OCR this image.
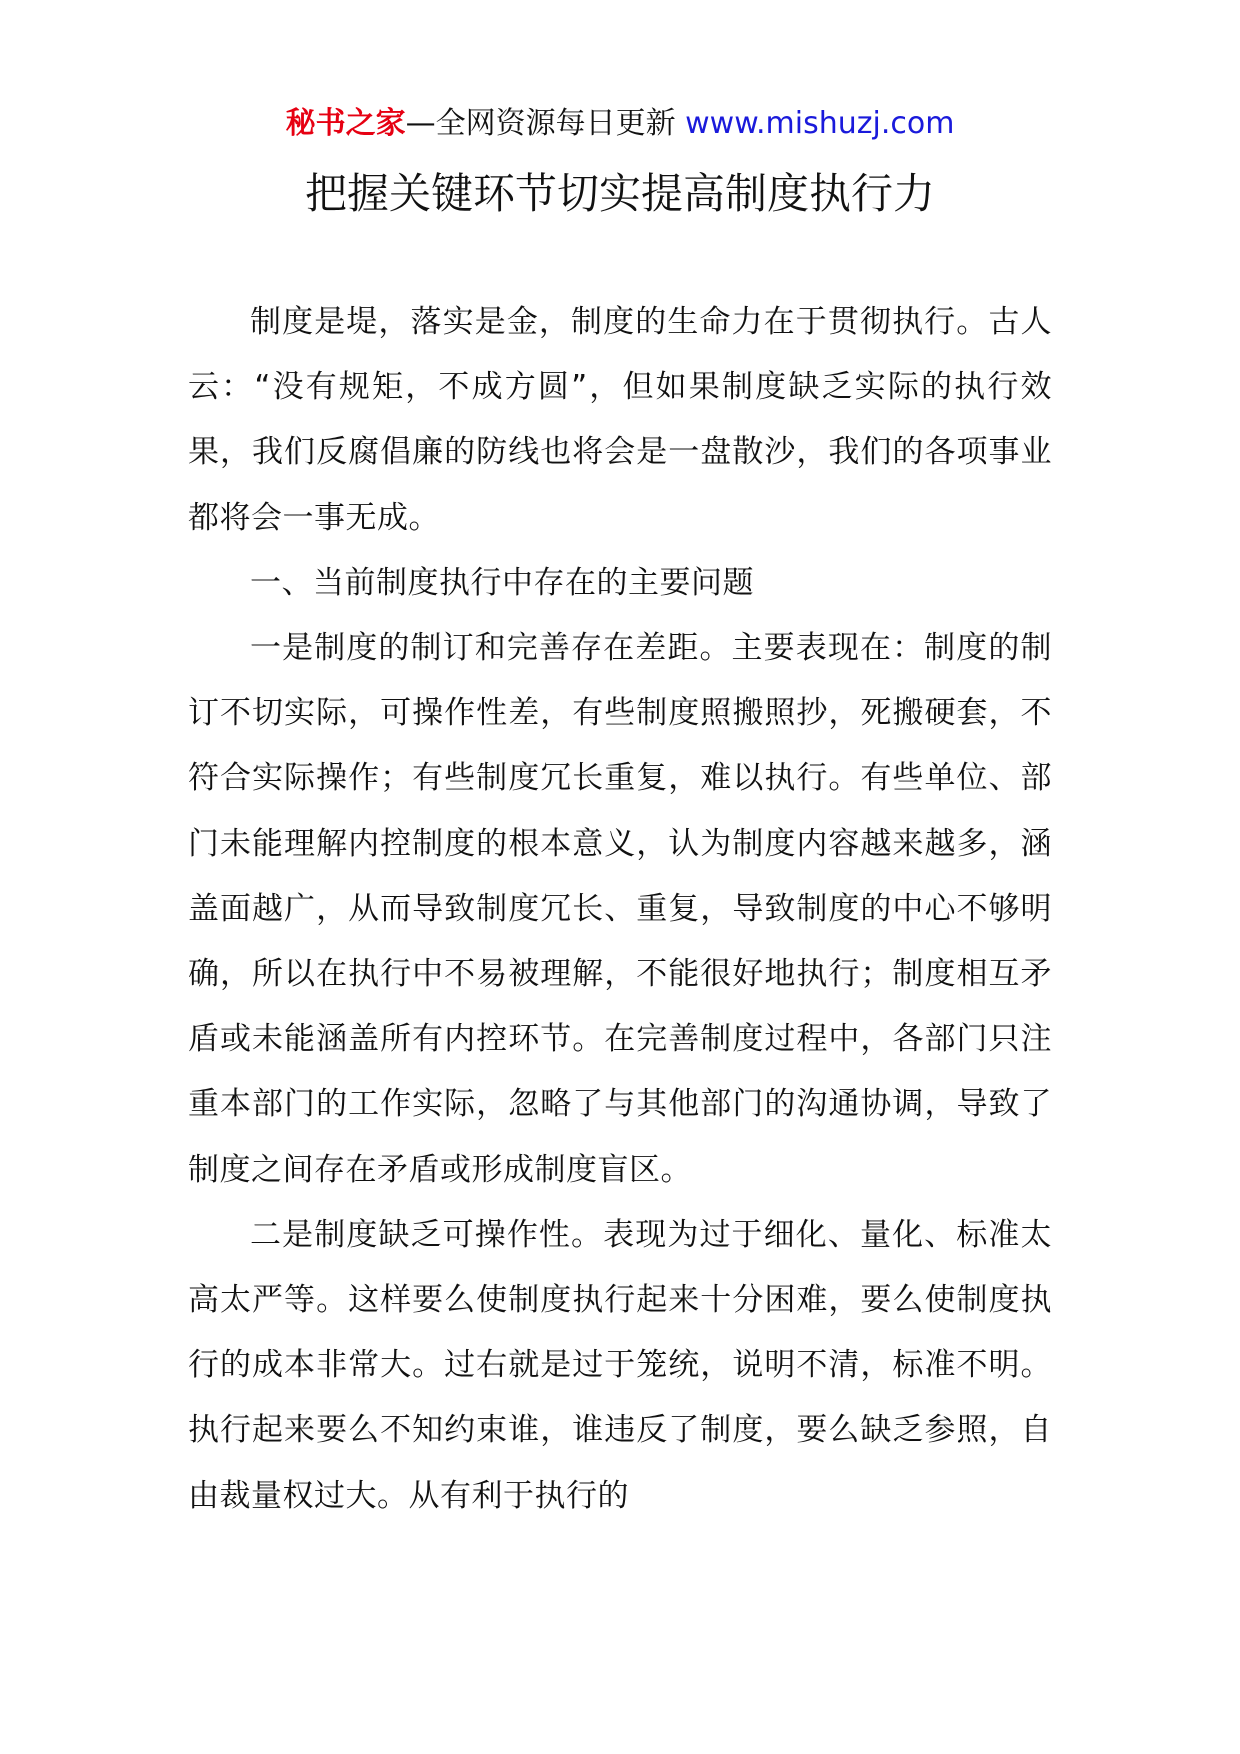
秘书之家—全网资源每日更新 www.mishuzj.com
把握关键环节切实提高制度执行力

制度是堤，落实是金，制度的生命力在于贯彻执行。古人云：“没有规矩，不成方圆”，但如果制度缺乏实际的执行效果，我们反腐倡廉的防线也将会是一盘散沙，我们的各项事业都将会一事无成。

一、当前制度执行中存在的主要问题

一是制度的制订和完善存在差距。主要表现在：制度的制订不切实际，可操作性差，有些制度照搬照抄，死搬硬套，不符合实际操作；有些制度冗长重复，难以执行。有些单位、部门未能理解内控制度的根本意义，认为制度内容越来越多，涵盖面越广，从而导致制度冗长、重复，导致制度的中心不够明确，所以在执行中不易被理解，不能很好地执行；制度相互矛盾或未能涵盖所有内控环节。在完善制度过程中，各部门只注重本部门的工作实际，忽略了与其他部门的沟通协调，导致了制度之间存在矛盾或形成制度盲区。

二是制度缺乏可操作性。表现为过于细化、量化、标准太高太严等。这样要么使制度执行起来十分困难，要么使制度执行的成本非常大。过右就是过于笼统，说明不清，标准不明。执行起来要么不知约束谁，谁违反了制度，要么缺乏参照，自由裁量权过大。从有利于执行的
